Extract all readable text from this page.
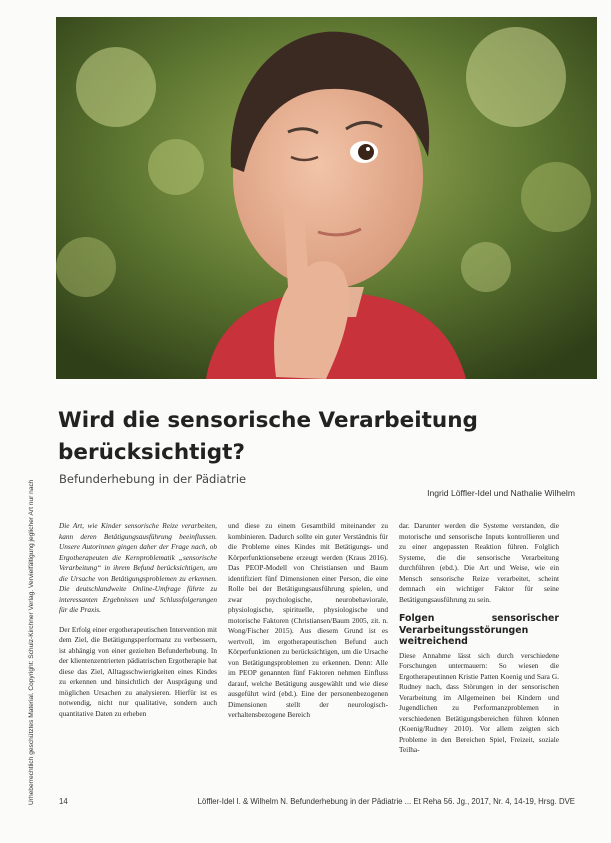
Urheberrechtlich geschütztes Material. Copyright: Schulz-Kirchner Verlag. Vervielfältigung jeglicher Art nur nach
Wird die sensorische Verarbeitung berücksichtigt?

Befunderhebung in der Pädiatrie

Ingrid Löffler-Idel und Nathalie Wilhelm

Die Art, wie Kinder sensorische Reize verarbeiten, kann deren Betätigungsausführung beeinflussen. Unsere Autorinnen gingen daher der Frage nach, ob Ergotherapeuten die Kernproblematik „sensorische Verarbeitung“ in ihrem Befund berücksichtigen, um die Ursache von Betätigungsproblemen zu erkennen. Die deutschlandweite Online-Umfrage führte zu interessanten Ergebnissen und Schlussfolgerungen für die Praxis.

Der Erfolg einer ergotherapeutischen Intervention mit dem Ziel, die Betätigungsperformanz zu verbessern, ist abhängig von einer gezielten Befunderhebung. In der klientenzentrierten pädiatrischen Ergotherapie hat diese das Ziel, Alltagsschwierigkeiten eines Kindes zu erkennen und hinsichtlich der Ausprägung und möglichen Ursachen zu analysieren. Hierfür ist es notwendig, nicht nur qualitative, sondern auch quantitative Daten zu erheben

und diese zu einem Gesamtbild miteinander zu kombinieren. Dadurch sollte ein guter Verständnis für die Probleme eines Kindes mit Betätigungs- und Körperfunktionsebene erzeugt werden (Kraus 2016). Das PEOP-Modell von Christiansen und Baum identifiziert fünf Dimensionen einer Person, die eine Rolle bei der Betätigungsausführung spielen, und zwar psychologische, neurobehaviorale, physiologische, spirituelle, physiologische und motorische Faktoren (Christiansen/Baum 2005, zit. n. Wong/Fischer 2015). Aus diesem Grund ist es wertvoll, im ergotherapeutischen Befund auch Körperfunktionen zu berücksichtigen, um die Ursache von Betätigungsproblemen zu erkennen. Denn: Alle im PEOP genannten fünf Faktoren nehmen Einfluss darauf, welche Betätigung ausgewählt und wie diese ausgeführt wird (ebd.). Eine der personenbezogenen Dimensionen stellt der neurologisch-verhaltensbezogene Bereich

dar. Darunter werden die Systeme verstanden, die motorische und sensorische Inputs kontrollieren und zu einer angepassten Reaktion führen. Folglich Systeme, die die sensorische Verarbeitung durchführen (ebd.). Die Art und Weise, wie ein Mensch sensorische Reize verarbeitet, scheint demnach ein wichtiger Faktor für seine Betätigungsausführung zu sein.

Folgen sensorischer Verarbeitungsstörungen weitreichend

Diese Annahme lässt sich durch verschiedene Forschungen untermauern: So wiesen die Ergotherapeutinnen Kristie Patten Koenig und Sara G. Rudney nach, dass Störungen in der sensorischen Verarbeitung im Allgemeinen bei Kindern und Jugendlichen zu Performanzproblemen in verschiedenen Betätigungsbereichen führen können (Koenig/Rudney 2010). Vor allem zeigten sich Probleme in den Bereichen Spiel, Freizeit, soziale Teilha-

14	Löffler-Idel I. & Wilhelm N. Befunderhebung in der Pädiatrie ... Et Reha 56. Jg., 2017, Nr. 4, 14-19, Hrsg. DVE
